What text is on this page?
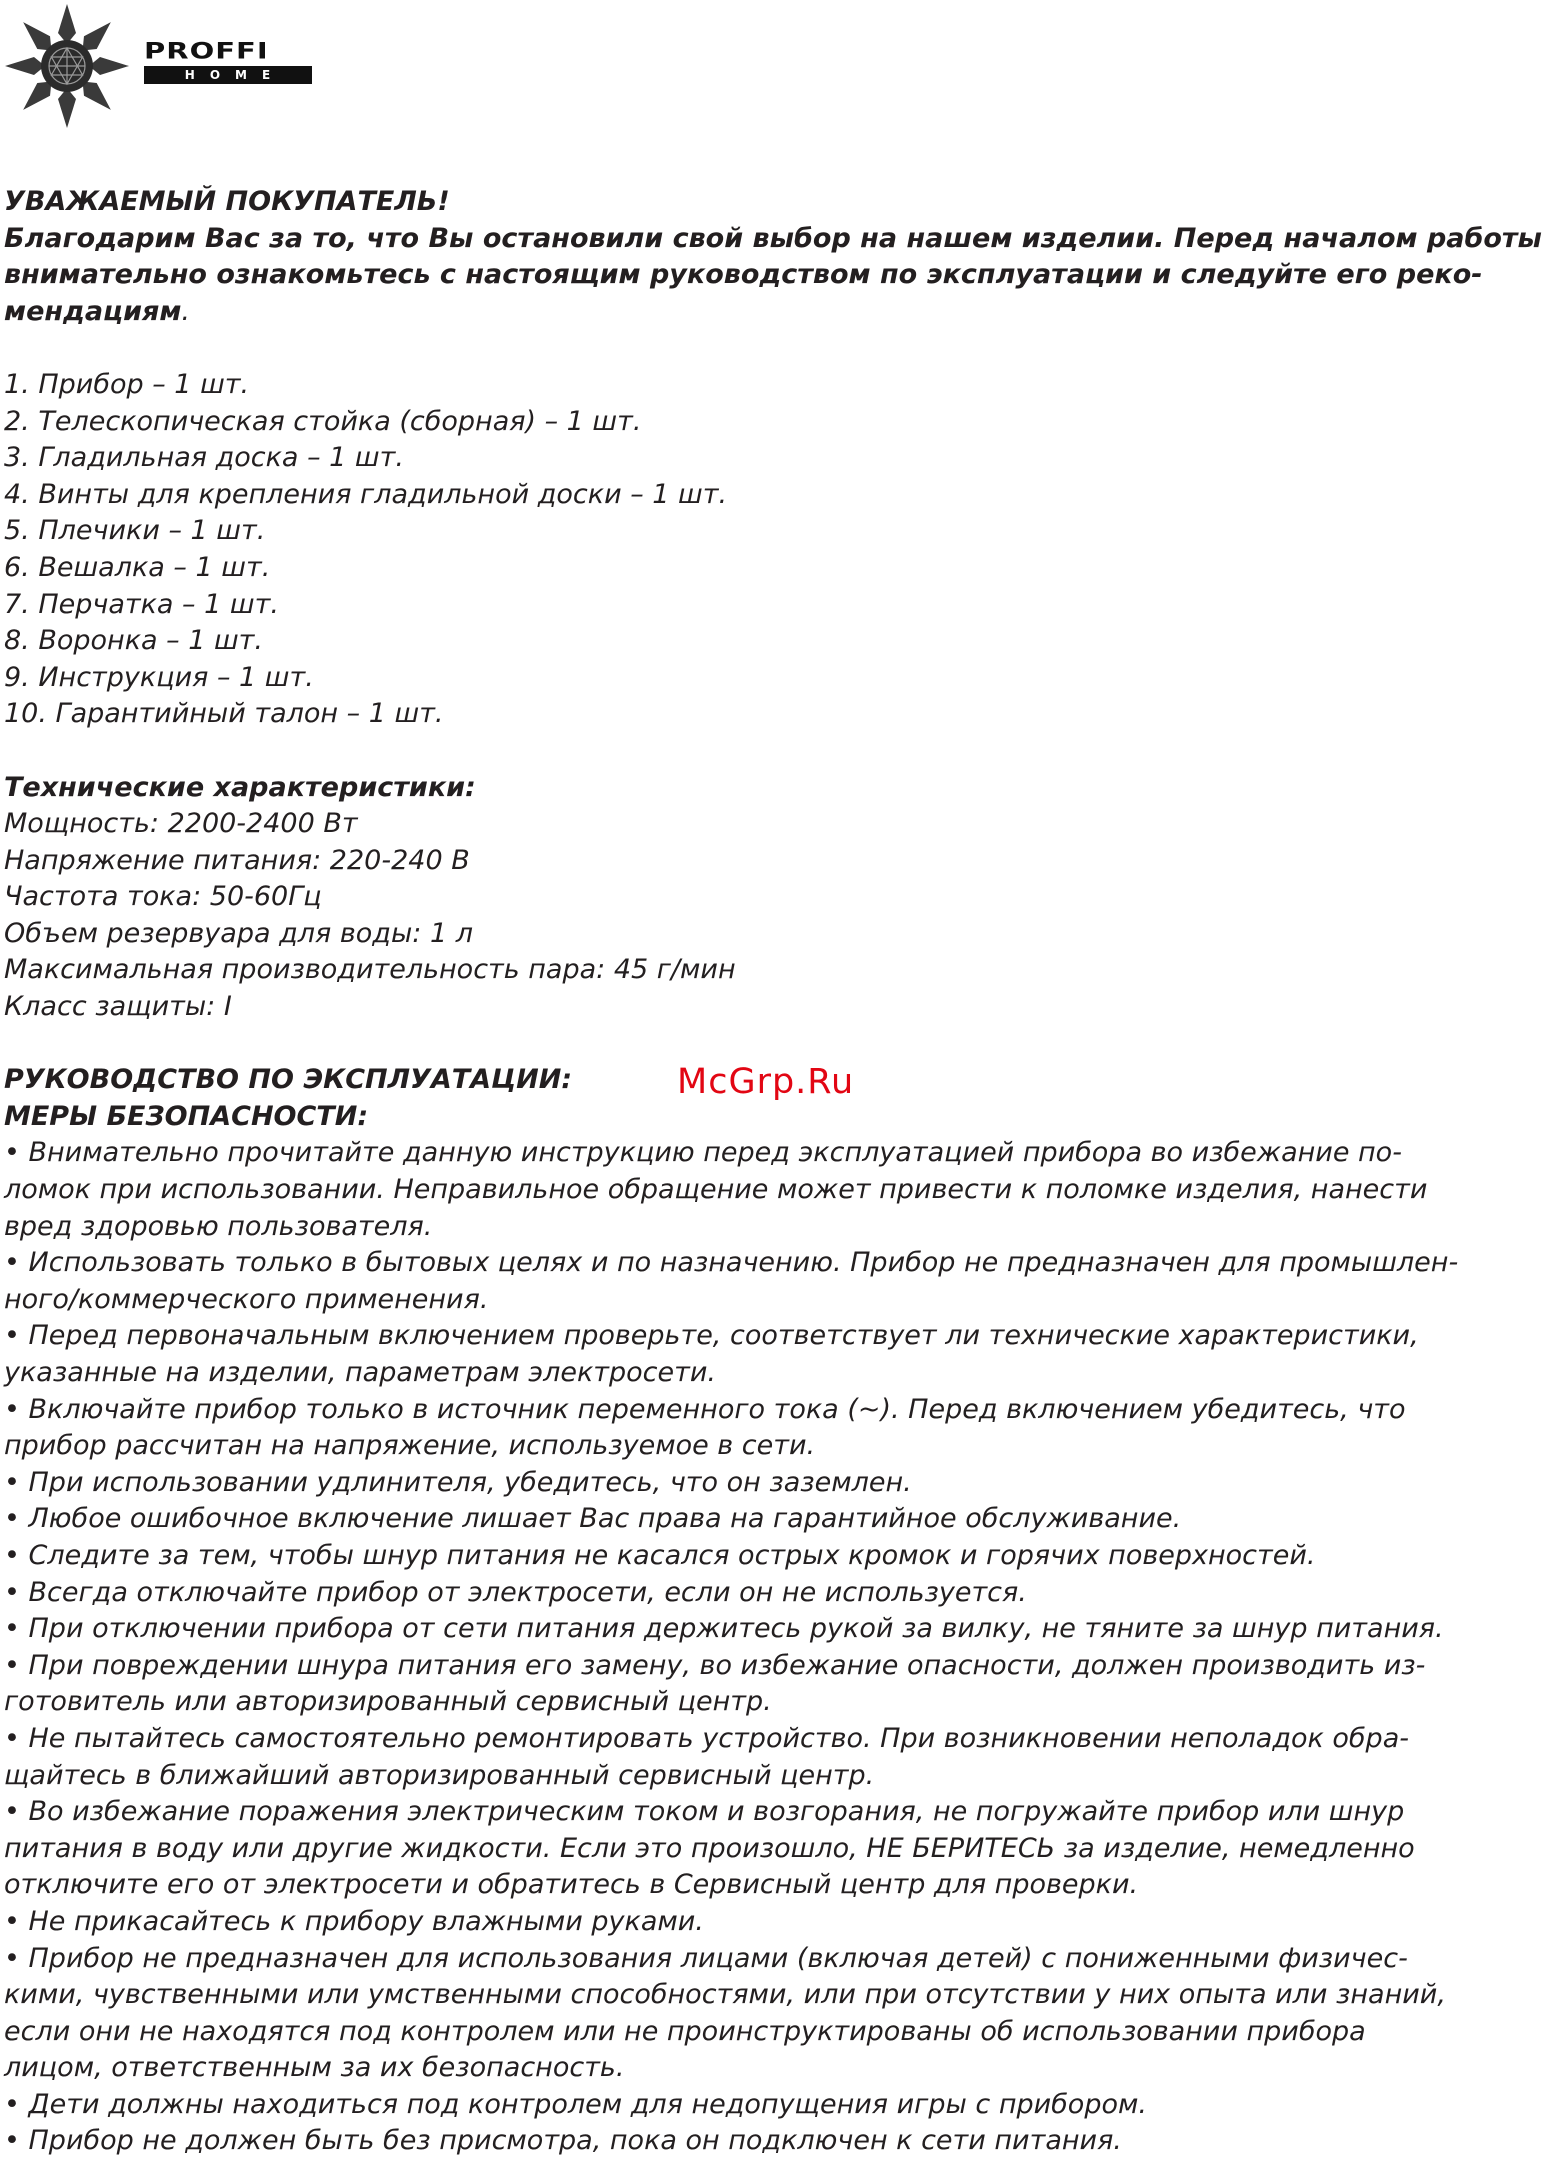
PROFFI
HOME

УВАЖАЕМЫЙ ПОКУПАТЕЛЬ!

Благодарим Вас за то, что Вы остановили свой выбор на нашем изделии. Перед началом работы

внимательно ознакомьтесь с настоящим руководством по эксплуатации и следуйте его реко-

мендациям.

1. Прибор – 1 шт.

2. Телескопическая стойка (сборная) – 1 шт.

3. Гладильная доска – 1 шт.

4. Винты для крепления гладильной доски – 1 шт.

5. Плечики – 1 шт.

6. Вешалка – 1 шт.

7. Перчатка – 1 шт.

8. Воронка – 1 шт.

9. Инструкция – 1 шт.

10. Гарантийный талон – 1 шт.

Технические характеристики:

Мощность: 2200-2400 Вт

Напряжение питания: 220-240 В

Частота тока: 50-60Гц

Объем резервуара для воды: 1 л

Максимальная производительность пара: 45 г/мин

Класс защиты: I

РУКОВОДСТВО ПО ЭКСПЛУАТАЦИИ:

МЕРЫ БЕЗОПАСНОСТИ:

• Внимательно прочитайте данную инструкцию перед эксплуатацией прибора во избежание по-

ломок при использовании. Неправильное обращение может привести к поломке изделия, нанести

вред здоровью пользователя.

• Использовать только в бытовых целях и по назначению. Прибор не предназначен для промышлен-

ного/коммерческого применения.

• Перед первоначальным включением проверьте, соответствует ли технические характеристики,

указанные на изделии, параметрам электросети.

• Включайте прибор только в источник переменного тока (~). Перед включением убедитесь, что

прибор рассчитан на напряжение, используемое в сети.

• При использовании удлинителя, убедитесь, что он заземлен.

• Любое ошибочное включение лишает Вас права на гарантийное обслуживание.

• Следите за тем, чтобы шнур питания не касался острых кромок и горячих поверхностей.

• Всегда отключайте прибор от электросети, если он не используется.

• При отключении прибора от сети питания держитесь рукой за вилку, не тяните за шнур питания.

• При повреждении шнура питания его замену, во избежание опасности, должен производить из-

готовитель или авторизированный сервисный центр.

• Не пытайтесь самостоятельно ремонтировать устройство. При возникновении неполадок обра-

щайтесь в ближайший авторизированный сервисный центр.

• Во избежание поражения электрическим током и возгорания, не погружайте прибор или шнур

питания в воду или другие жидкости. Если это произошло, НЕ БЕРИТЕСЬ за изделие, немедленно

отключите его от электросети и обратитесь в Сервисный центр для проверки.

• Не прикасайтесь к прибору влажными руками.

• Прибор не предназначен для использования лицами (включая детей) с пониженными физичес-

кими, чувственными или умственными способностями, или при отсутствии у них опыта или знаний,

если они не находятся под контролем или не проинструктированы об использовании прибора

лицом, ответственным за их безопасность.

• Дети должны находиться под контролем для недопущения игры с прибором.

• Прибор не должен быть без присмотра, пока он подключен к сети питания.

McGrp.Ru
